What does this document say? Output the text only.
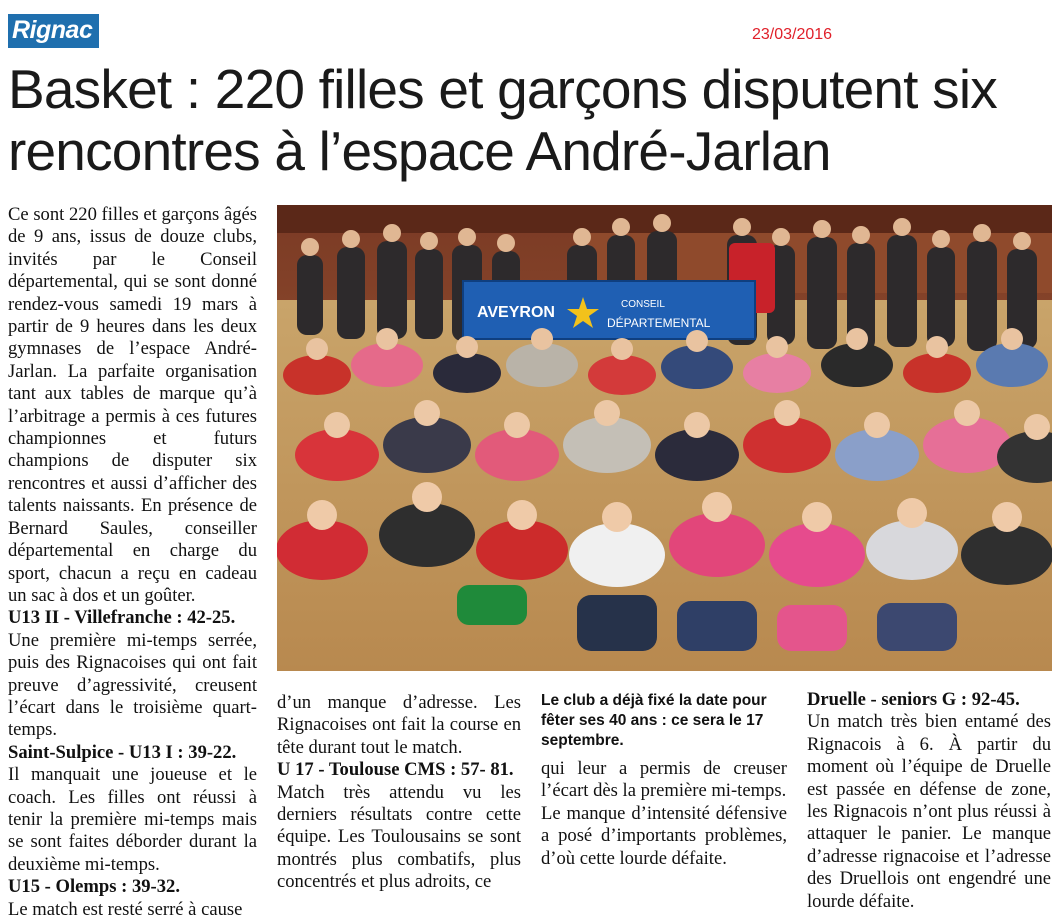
Rignac	23/03/2016
Basket : 220 filles et garçons disputent six rencontres à l’espace André-Jarlan

Ce sont 220 filles et garçons âgés de 9 ans, issus de douze clubs, invités par le Conseil départemental, qui se sont donné rendez-vous samedi 19 mars à partir de 9 heures dans les deux gymnases de l’espace André-Jarlan. La parfaite organisation tant aux tables de marque qu’à l’arbitrage a permis à ces futures championnes et futurs champions de disputer six rencontres et aussi d’afficher des talents naissants. En présence de Bernard Saules, conseiller départemental en charge du sport, chacun a reçu en cadeau un sac à dos et un goûter.

U13 II - Villefranche : 42-25.
Une première mi-temps serrée, puis des Rignacoises qui ont fait preuve d’agressivité, creusent l’écart dans le troisième quart-temps.

Saint-Sulpice - U13 I : 39-22.
Il manquait une joueuse et le coach. Les filles ont réussi à tenir la première mi-temps mais se sont faites déborder durant la deuxième mi-temps.

U15 - Olemps : 39-32.
Le match est resté serré à cause

AVEYRON	CONSEIL
DÉPARTEMENTAL

d’un manque d’adresse. Les Rignacoises ont fait la course en tête durant tout le match.

U 17 - Toulouse CMS : 57- 81.
Match très attendu vu les derniers résultats contre cette équipe. Les Toulousains se sont montrés plus combatifs, plus concentrés et plus adroits, ce

Le club a déjà fixé la date pour fêter ses 40 ans : ce sera le 17 septembre.

qui leur a permis de creuser l’écart dès la première mi-temps.

Le manque d’intensité défensive a posé d’importants problèmes, d’où cette lourde défaite.

Druelle - seniors G : 92-45.
Un match très bien entamé des Rignacois à 6. À partir du moment où l’équipe de Druelle est passée en défense de zone, les Rignacois n’ont plus réussi à attaquer le panier. Le manque d’adresse rignacoise et l’adresse des Druellois ont engendré une lourde défaite.
